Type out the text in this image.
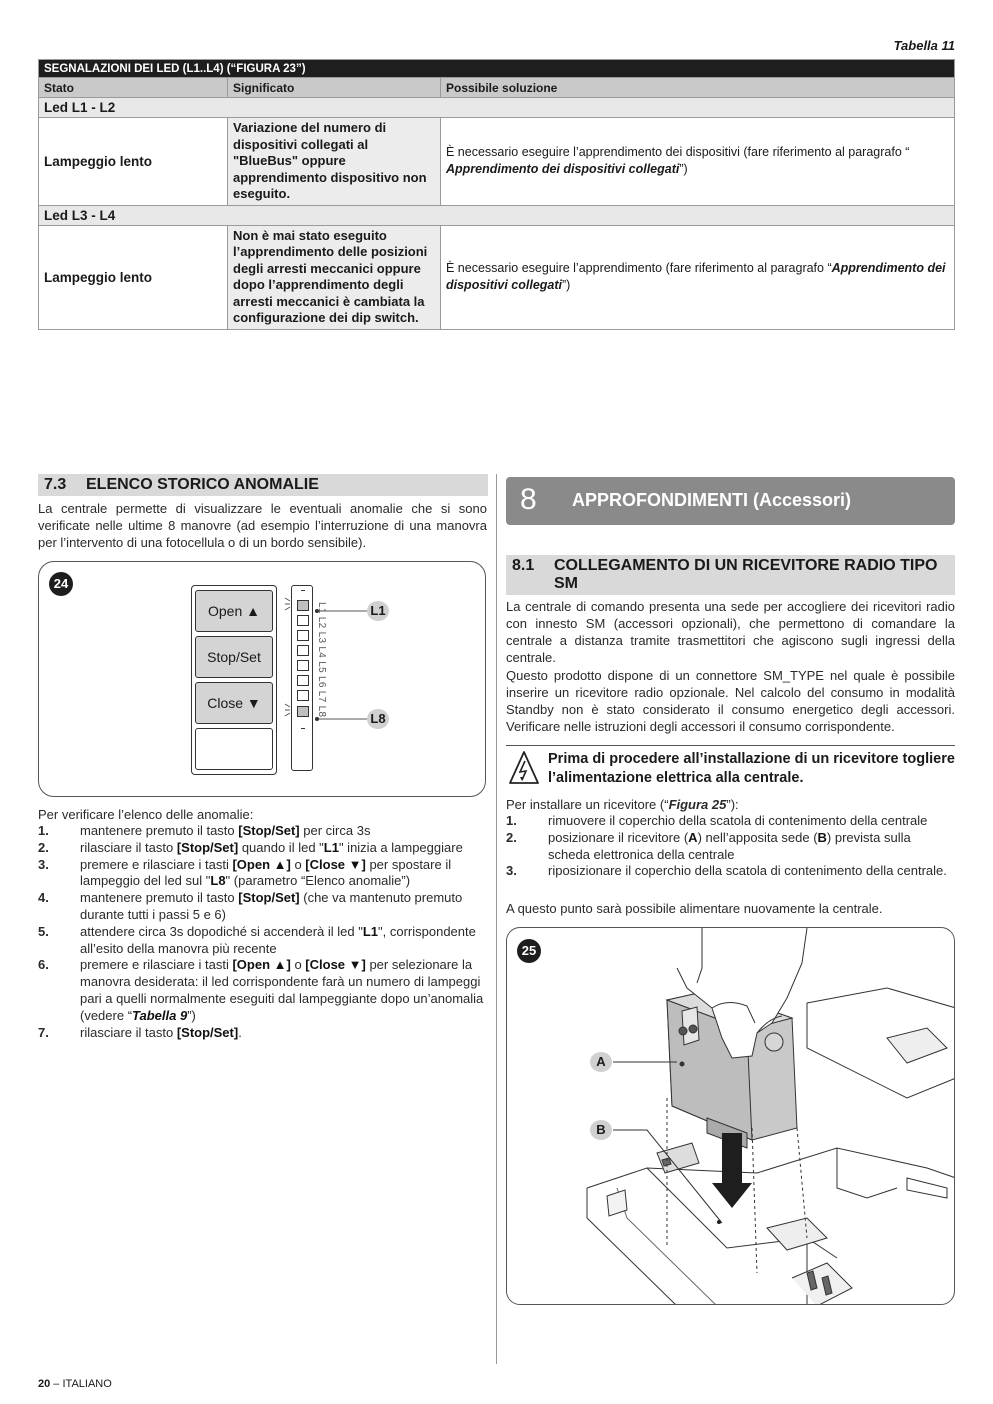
Tabella 11
SEGNALAZIONI DEI LED (L1..L4) (“FIGURA 23”)		
Stato	Significato	Possibile soluzione
Led L1 - L2		
Lampeggio lento	Variazione del numero di dispositivi collegati al "BlueBus" oppure apprendimento dispositivo non eseguito.	È necessario eseguire l’apprendimento dei dispositivi (fare riferimento al paragrafo “ Apprendimento dei dispositivi collegati”)
Led L3 - L4		
Lampeggio lento	Non è mai stato eseguito l’apprendimento delle posizioni degli arresti meccanici oppure dopo l’apprendimento degli arresti meccanici è cambiata la configurazione dei dip switch.	È necessario eseguire l’apprendimento (fare riferimento al paragrafo “Apprendimento dei dispositivi collegati”)
7.3 ELENCO STORICO ANOMALIE

La centrale permette di visualizzare le eventuali anomalie che si sono verificate nelle ultime 8 manovre (ad esempio l’interruzione di una manovra per l’intervento di una fotocellula o di un bordo sensibile).

24
Open ▲
Stop/Set
Close ▼	L1 L2 L3 L4 L5 L6 L7 L8	L1
L8

Per verificare l’elenco delle anomalie:

1. mantenere premuto il tasto [Stop/Set] per circa 3s
2. rilasciare il tasto [Stop/Set] quando il led "L1" inizia a lampeggiare
3. premere e rilasciare i tasti [Open ▲] o [Close ▼] per spostare il lampeggio del led sul "L8" (parametro “Elenco anomalie”)
4. mantenere premuto il tasto [Stop/Set] (che va mantenuto premuto durante tutti i passi 5 e 6)
5. attendere circa 3s dopodiché si accenderà il led "L1", corrispondente all’esito della manovra più recente
6. premere e rilasciare i tasti [Open ▲] o [Close ▼] per selezionare la manovra desiderata: il led corrispondente farà un numero di lampeggi pari a quelli normalmente eseguiti dal lampeggiante dopo un’anomalia (vedere “Tabella 9”)
7. rilasciare il tasto [Stop/Set].
8 APPROFONDIMENTI (Accessori)
8.1	COLLEGAMENTO DI UN RICEVITORE RADIO TIPO SM

La centrale di comando presenta una sede per accogliere dei ricevitori radio con innesto SM (accessori opzionali), che permettono di comandare la centrale a distanza tramite trasmettitori che agiscono sugli ingressi della centrale.

Questo prodotto dispone di un connettore SM_TYPE nel quale è possibile inserire un ricevitore radio opzionale. Nel calcolo del consumo in modalità Standby non è stato considerato il consumo energetico degli accessori. Verificare nelle istruzioni degli accessori il consumo corrispondente.

Prima di procedere all’installazione di un ricevitore togliere l’alimentazione elettrica alla centrale.

Per installare un ricevitore (“Figura 25”):

1. rimuovere il coperchio della scatola di contenimento della centrale
2. posizionare il ricevitore (A) nell’apposita sede (B) prevista sulla scheda elettronica della centrale
3. riposizionare il coperchio della scatola di contenimento della centrale.

A questo punto sarà possibile alimentare nuovamente la centrale.

25
A
B
20 – ITALIANO
